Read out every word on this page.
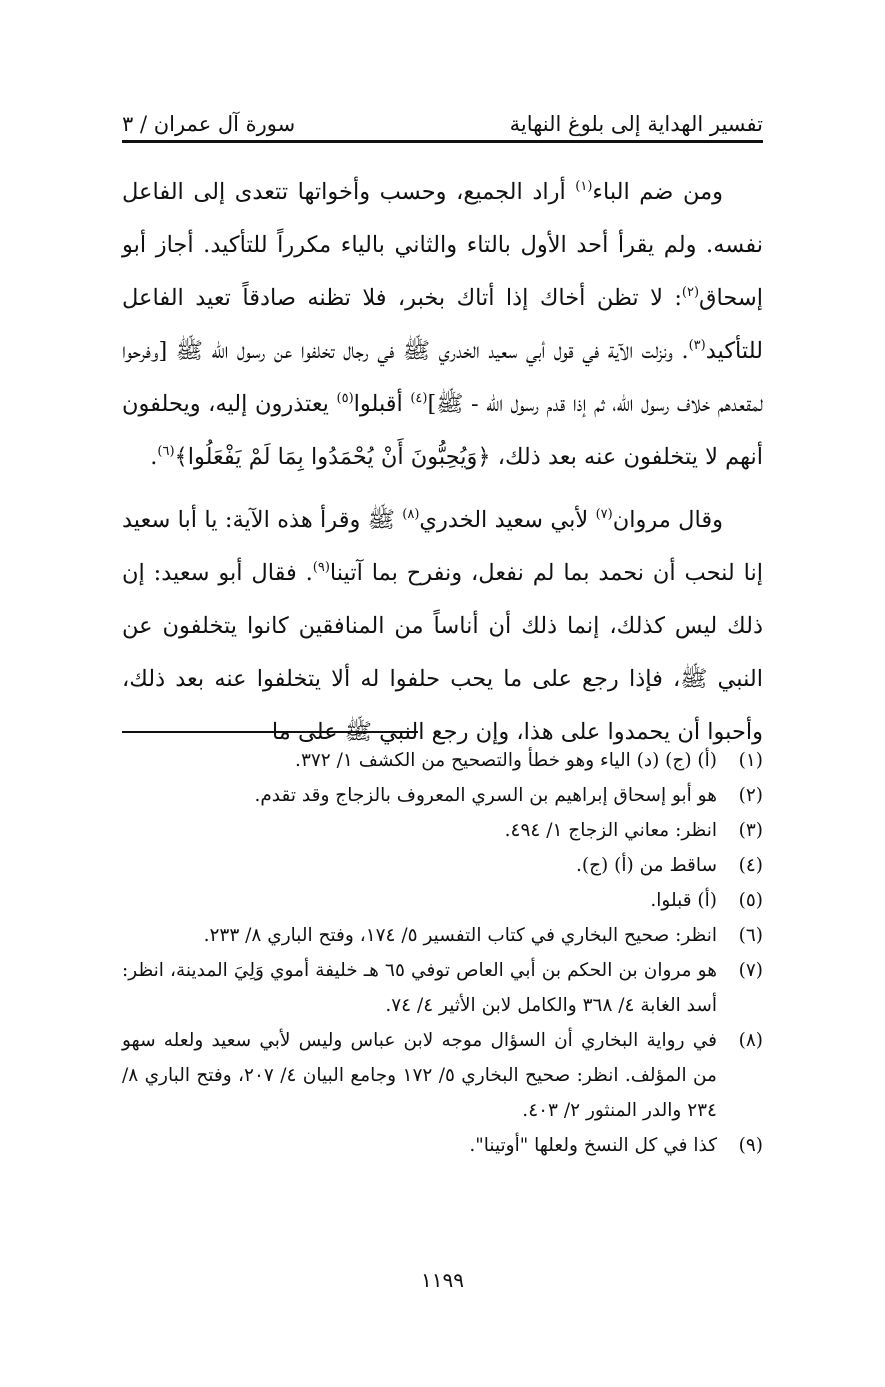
تفسير الهداية إلى بلوغ النهاية
سورة آل عمران / ٣

ومن ضم الباء$^{(١)}$ أراد الجميع، وحسب وأخواتها تتعدى إلى الفاعل نفسه. ولم يقرأ أحد الأول بالتاء والثاني بالياء مكرراً للتأكيد. أجاز أبو إسحاق$^{(٢)}$: لا تظن أخاك إذا أتاك بخبر، فلا تظنه صادقاً تعيد الفاعل للتأكيد$^{(٣)}$. ونزلت الآية في قول أبي سعيد الخدري ﷺ في رجال تخلفوا عن رسول الله ﷺ [وفرحوا لمقعدهم خلاف رسول الله، ثم إذا قدم رسول الله - ﷺ]$^{(٤)}$ أقبلوا$^{(٥)}$ يعتذرون إليه، ويحلفون أنهم لا يتخلفون عنه بعد ذلك، ﴿وَيُحِبُّونَ أَنْ يُحْمَدُوا بِمَا لَمْ يَفْعَلُوا﴾$^{(٦)}$.

وقال مروان$^{(٧)}$ لأبي سعيد الخدري$^{(٨)}$ ﷺ وقرأ هذه الآية: يا أبا سعيد إنا لنحب أن نحمد بما لم نفعل، ونفرح بما آتينا$^{(٩)}$. فقال أبو سعيد: إن ذلك ليس كذلك، إنما ذلك أن أناساً من المنافقين كانوا يتخلفون عن النبي ﷺ، فإذا رجع على ما يحب حلفوا له ألا يتخلفوا عنه بعد ذلك، وأحبوا أن يحمدوا على هذا، وإن رجع النبي ﷺ على ما

(١)
(أ) (ج) (د) الياء وهو خطأ والتصحيح من الكشف ١/ ٣٧٢.
(٢)
هو أبو إسحاق إبراهيم بن السري المعروف بالزجاج وقد تقدم.
(٣)
انظر: معاني الزجاج ١/ ٤٩٤.
(٤)
ساقط من (أ) (ج).
(٥)
(أ) قبلوا.
(٦)
انظر: صحيح البخاري في كتاب التفسير ٥/ ١٧٤، وفتح الباري ٨/ ٢٣٣.
(٧)
هو مروان بن الحكم بن أبي العاص توفي ٦٥ هـ خليفة أموي وَلِيَ المدينة، انظر: أسد الغابة ٤/ ٣٦٨ والكامل لابن الأثير ٤/ ٧٤.
(٨)
في رواية البخاري أن السؤال موجه لابن عباس وليس لأبي سعيد ولعله سهو من المؤلف. انظر: صحيح البخاري ٥/ ١٧٢ وجامع البيان ٤/ ٢٠٧، وفتح الباري ٨/ ٢٣٤ والدر المنثور ٢/ ٤٠٣.
(٩)
كذا في كل النسخ ولعلها "أوتينا".
١١٩٩
